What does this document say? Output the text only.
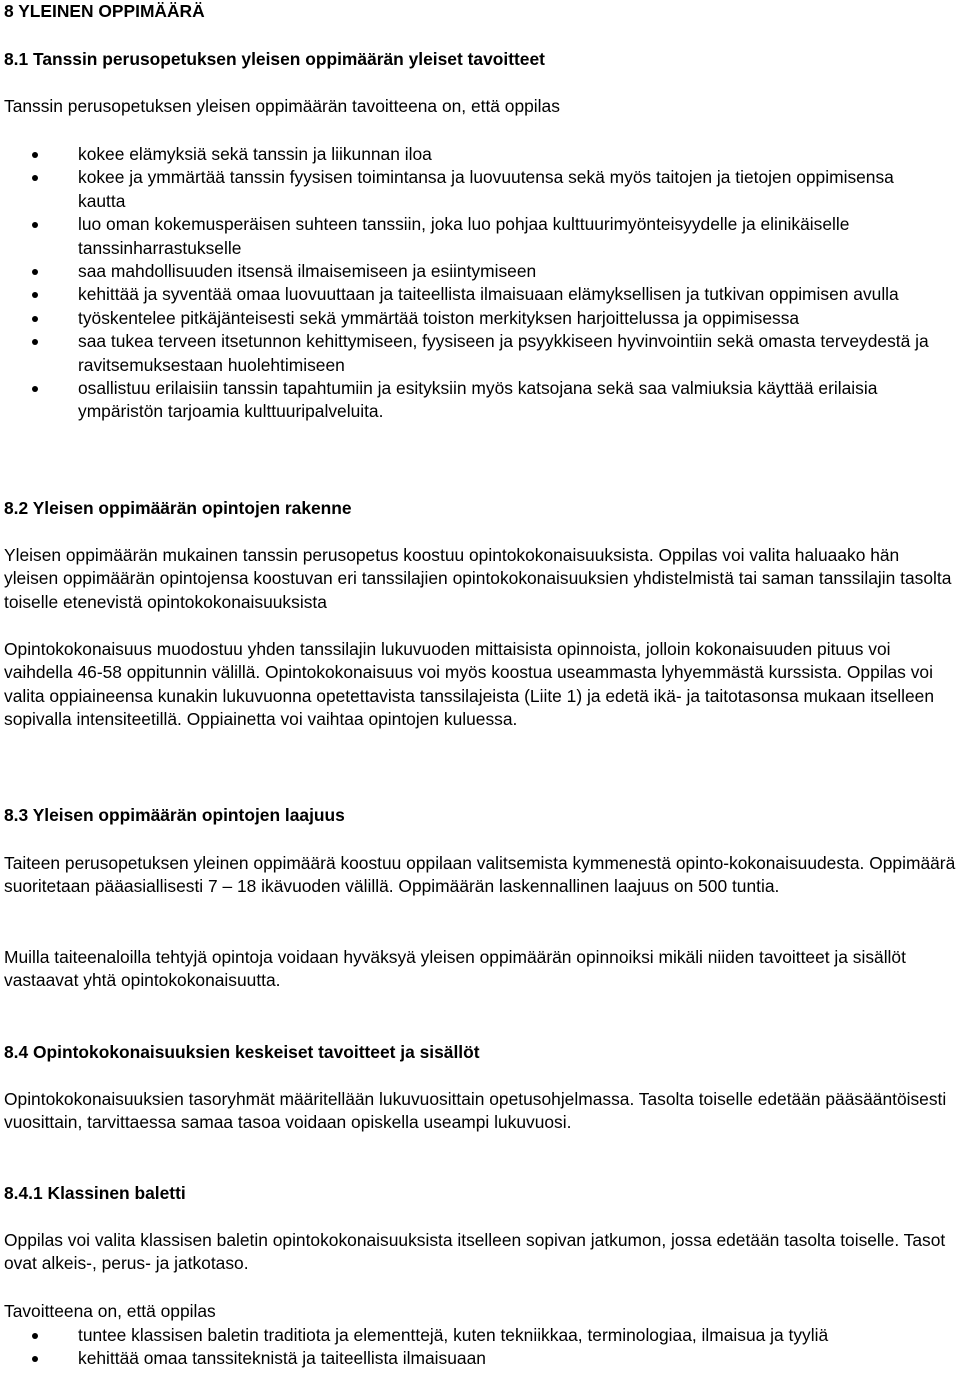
8 YLEINEN OPPIMÄÄRÄ
8.1 Tanssin perusopetuksen yleisen oppimäärän yleiset tavoitteet
Tanssin perusopetuksen yleisen oppimäärän tavoitteena on, että oppilas
kokee elämyksiä sekä tanssin ja liikunnan iloa
kokee ja ymmärtää tanssin fyysisen toimintansa ja luovuutensa sekä myös taitojen ja tietojen oppimisensa kautta
luo oman kokemusperäisen suhteen tanssiin, joka luo pohjaa kulttuurimyönteisyydelle ja elinikäiselle tanssinharrastukselle
saa mahdollisuuden itsensä ilmaisemiseen ja esiintymiseen
kehittää ja syventää omaa luovuuttaan ja taiteellista ilmaisuaan elämyksellisen ja tutkivan oppimisen avulla
työskentelee pitkäjänteisesti sekä ymmärtää toiston merkityksen harjoittelussa ja oppimisessa
saa tukea terveen itsetunnon kehittymiseen, fyysiseen ja psyykkiseen hyvinvointiin sekä omasta terveydestä ja ravitsemuksestaan huolehtimiseen
osallistuu erilaisiin tanssin tapahtumiin ja esityksiin myös katsojana sekä saa valmiuksia käyttää erilaisia ympäristön tarjoamia kulttuuripalveluita.
8.2 Yleisen oppimäärän opintojen rakenne

Yleisen oppimäärän mukainen tanssin perusopetus koostuu opintokokonaisuuksista. Oppilas voi valita haluaako hän yleisen oppimäärän opintojensa koostuvan eri tanssilajien opintokokonaisuuksien yhdistelmistä tai saman tanssilajin tasolta toiselle etenevistä opintokokonaisuuksista

Opintokokonaisuus muodostuu yhden tanssilajin lukuvuoden mittaisista opinnoista, jolloin kokonaisuuden pituus voi vaihdella 46-58 oppitunnin välillä. Opintokokonaisuus voi myös koostua useammasta lyhyemmästä kurssista. Oppilas voi valita oppiaineensa kunakin lukuvuonna opetettavista tanssilajeista (Liite 1) ja edetä ikä- ja taitotasonsa mukaan itselleen sopivalla intensiteetillä. Oppiainetta voi vaihtaa opintojen kuluessa.

8.3 Yleisen oppimäärän opintojen laajuus

Taiteen perusopetuksen yleinen oppimäärä koostuu oppilaan valitsemista kymmenestä opinto-kokonaisuudesta. Oppimäärä suoritetaan pääasiallisesti 7 – 18 ikävuoden välillä. Oppimäärän laskennallinen laajuus on 500 tuntia.

Muilla taiteenaloilla tehtyjä opintoja voidaan hyväksyä yleisen oppimäärän opinnoiksi mikäli niiden tavoitteet ja sisällöt vastaavat yhtä opintokokonaisuutta.

8.4 Opintokokonaisuuksien keskeiset tavoitteet ja sisällöt

Opintokokonaisuuksien tasoryhmät määritellään lukuvuosittain opetusohjelmassa. Tasolta toiselle edetään pääsääntöisesti vuosittain, tarvittaessa samaa tasoa voidaan opiskella useampi lukuvuosi.

8.4.1 Klassinen baletti

Oppilas voi valita klassisen baletin opintokokonaisuuksista itselleen sopivan jatkumon, jossa edetään tasolta toiselle. Tasot ovat alkeis-, perus- ja jatkotaso.

Tavoitteena on, että oppilas
tuntee klassisen baletin traditiota ja elementtejä, kuten tekniikkaa, terminologiaa, ilmaisua ja tyyliä
kehittää omaa tanssiteknistä ja taiteellista ilmaisuaan
